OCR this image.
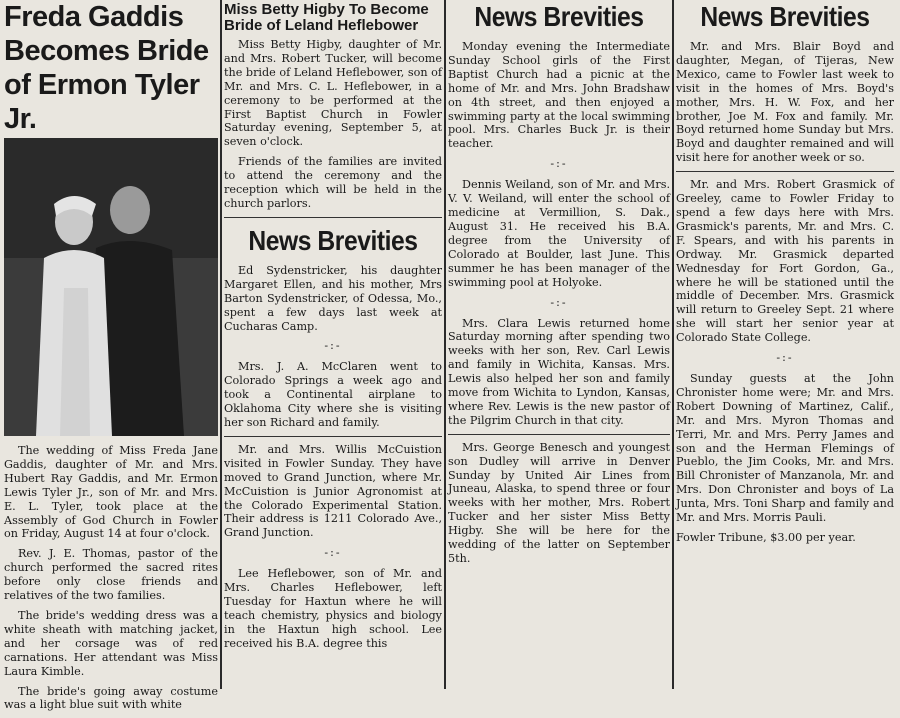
Freda Gaddis Becomes Bride of Ermon Tyler Jr.

The wedding of Miss Freda Jane Gaddis, daughter of Mr. and Mrs. Hubert Ray Gaddis, and Mr. Ermon Lewis Tyler Jr., son of Mr. and Mrs. E. L. Tyler, took place at the Assembly of God Church in Fowler on Friday, August 14 at four o'clock.

Rev. J. E. Thomas, pastor of the church performed the sacred rites before only close friends and relatives of the two families.

The bride's wedding dress was a white sheath with matching jacket, and her corsage was of red carnations. Her attendant was Miss Laura Kimble.

The bride's going away costume was a light blue suit with white

Miss Betty Higby To Become Bride of Leland Heflebower

Miss Betty Higby, daughter of Mr. and Mrs. Robert Tucker, will become the bride of Leland Heflebower, son of Mr. and Mrs. C. L. Heflebower, in a ceremony to be performed at the First Baptist Church in Fowler Saturday evening, September 5, at seven o'clock.

Friends of the families are invited to attend the ceremony and the reception which will be held in the church parlors.

News Brevities

Ed Sydenstricker, his daughter Margaret Ellen, and his mother, Mrs Barton Sydenstricker, of Odessa, Mo., spent a few days last week at Cucharas Camp.

-:-

Mrs. J. A. McClaren went to Colorado Springs a week ago and took a Continental airplane to Oklahoma City where she is visiting her son Richard and family.

Mr. and Mrs. Willis McCuistion visited in Fowler Sunday. They have moved to Grand Junction, where Mr. McCuistion is Junior Agronomist at the Colorado Experimental Station. Their address is 1211 Colorado Ave., Grand Junction.

-:-

Lee Heflebower, son of Mr. and Mrs. Charles Heflebower, left Tuesday for Haxtun where he will teach chemistry, physics and biology in the Haxtun high school. Lee received his B.A. degree this

News Brevities

Monday evening the Intermediate Sunday School girls of the First Baptist Church had a picnic at the home of Mr. and Mrs. John Bradshaw on 4th street, and then enjoyed a swimming party at the local swimming pool. Mrs. Charles Buck Jr. is their teacher.

-:-

Dennis Weiland, son of Mr. and Mrs. V. V. Weiland, will enter the school of medicine at Vermillion, S. Dak., August 31. He received his B.A. degree from the University of Colorado at Boulder, last June. This summer he has been manager of the swimming pool at Holyoke.

-:-

Mrs. Clara Lewis returned home Saturday morning after spending two weeks with her son, Rev. Carl Lewis and family in Wichita, Kansas. Mrs. Lewis also helped her son and family move from Wichita to Lyndon, Kansas, where Rev. Lewis is the new pastor of the Pilgrim Church in that city.

Mrs. George Benesch and youngest son Dudley will arrive in Denver Sunday by United Air Lines from Juneau, Alaska, to spend three or four weeks with her mother, Mrs. Robert Tucker and her sister Miss Betty Higby. She will be here for the wedding of the latter on September 5th.

News Brevities

Mr. and Mrs. Blair Boyd and daughter, Megan, of Tijeras, New Mexico, came to Fowler last week to visit in the homes of Mrs. Boyd's mother, Mrs. H. W. Fox, and her brother, Joe M. Fox and family. Mr. Boyd returned home Sunday but Mrs. Boyd and daughter remained and will visit here for another week or so.

Mr. and Mrs. Robert Grasmick of Greeley, came to Fowler Friday to spend a few days here with Mrs. Grasmick's parents, Mr. and Mrs. C. F. Spears, and with his parents in Ordway. Mr. Grasmick departed Wednesday for Fort Gordon, Ga., where he will be stationed until the middle of December. Mrs. Grasmick will return to Greeley Sept. 21 where she will start her senior year at Colorado State College.

-:-

Sunday guests at the John Chronister home were; Mr. and Mrs. Robert Downing of Martinez, Calif., Mr. and Mrs. Myron Thomas and Terri, Mr. and Mrs. Perry James and son and the Herman Flemings of Pueblo, the Jim Cooks, Mr. and Mrs. Bill Chronister of Manzanola, Mr. and Mrs. Don Chronister and boys of La Junta, Mrs. Toni Sharp and family and Mr. and Mrs. Morris Pauli.

Fowler Tribune, $3.00 per year.
